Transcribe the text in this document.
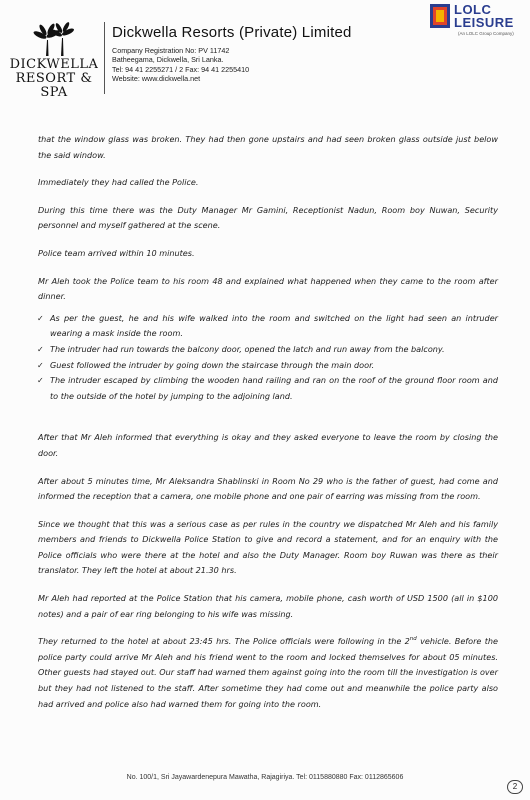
DICKWELLA
RESORT & SPA
Dickwella Resorts (Private) Limited
Company Registration No: PV 11742
Batheegama, Dickwella, Sri Lanka.
Tel: 94 41 2255271 / 2 Fax: 94 41 2255410
Website: www.dickwella.net
LOLC
LEISURE
(An LOLC Group Company)

that the window glass was broken. They had then gone upstairs and had seen broken glass outside just below the said window.

Immediately they had called the Police.

During this time there was the Duty Manager Mr Gamini, Receptionist Nadun, Room boy Nuwan, Security personnel and myself gathered at the scene.

Police team arrived within 10 minutes.

Mr Aleh took the Police team to his room 48 and explained what happened when they came to the room after dinner.

✓ As per the guest, he and his wife walked into the room and switched on the light had seen an intruder wearing a mask inside the room.
✓ The intruder had run towards the balcony door, opened the latch and run away from the balcony.
✓ Guest followed the intruder by going down the staircase through the main door.
✓ The intruder escaped by climbing the wooden hand railing and ran on the roof of the ground floor room and to the outside of the hotel by jumping to the adjoining land.

After that Mr Aleh informed that everything is okay and they asked everyone to leave the room by closing the door.

After about 5 minutes time, Mr Aleksandra Shablinski in Room No 29 who is the father of guest, had come and informed the reception that a camera, one mobile phone and one pair of earring was missing from the room.

Since we thought that this was a serious case as per rules in the country we dispatched Mr Aleh and his family members and friends to Dickwella Police Station to give and record a statement, and for an enquiry with the Police officials who were there at the hotel and also the Duty Manager. Room boy Ruwan was there as their translator. They left the hotel at about 21.30 hrs.

Mr Aleh had reported at the Police Station that his camera, mobile phone, cash worth of USD 1500 (all in $100 notes) and a pair of ear ring belonging to his wife was missing.

They returned to the hotel at about 23:45 hrs. The Police officials were following in the 2nd vehicle. Before the police party could arrive Mr Aleh and his friend went to the room and locked themselves for about 05 minutes. Other guests had stayed out. Our staff had warned them against going into the room till the investigation is over but they had not listened to the staff. After sometime they had come out and meanwhile the police party also had arrived and police also had warned them for going into the room.

No. 100/1, Sri Jayawardenepura Mawatha, Rajagiriya. Tel: 0115880880 Fax: 0112865606
2
